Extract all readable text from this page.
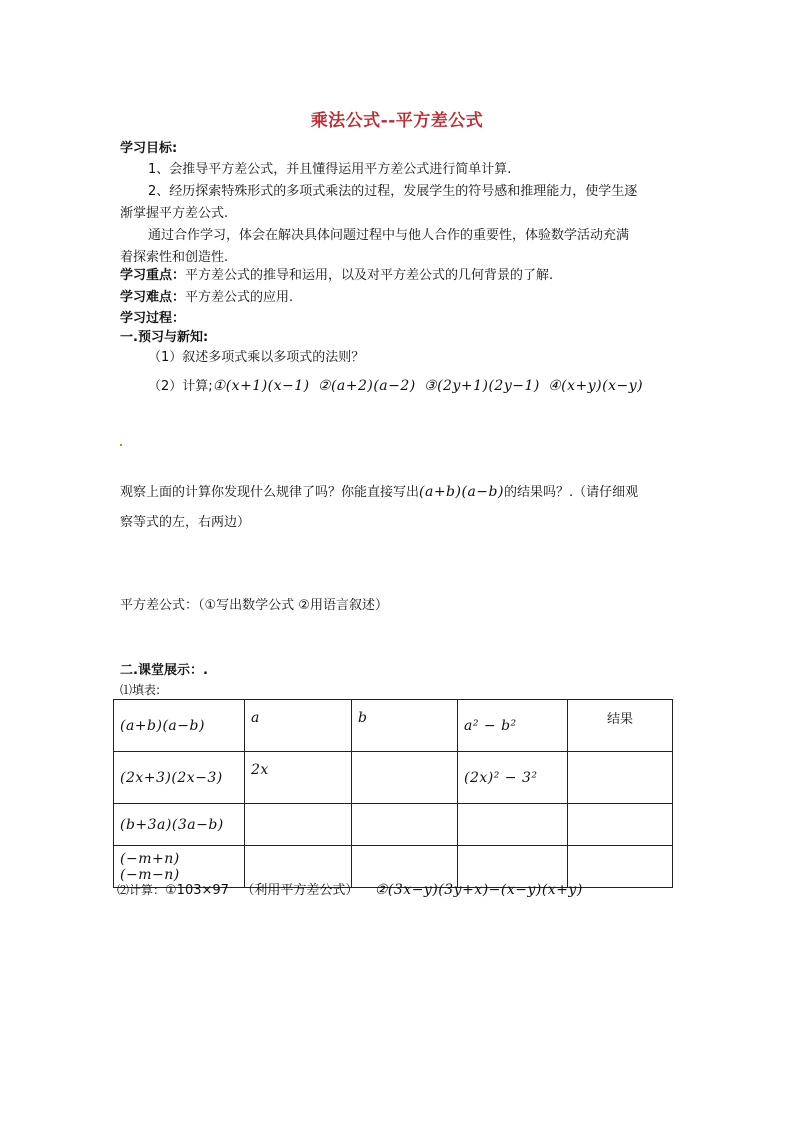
乘法公式--平方差公式
学习目标:
1、会推导平方差公式，并且懂得运用平方差公式进行简单计算.
2、经历探索特殊形式的多项式乘法的过程，发展学生的符号感和推理能力，使学生逐
渐掌握平方差公式.
通过合作学习，体会在解决具体问题过程中与他人合作的重要性，体验数学活动充满
着探索性和创造性.
学习重点：平方差公式的推导和运用，以及对平方差公式的几何背景的了解.
学习难点：平方差公式的应用.
学习过程：
一.预习与新知:
（1）叙述多项式乘以多项式的法则？
（2）计算;①(x+1)(x−1) ②(a+2)(a−2) ③(2y+1)(2y−1) ④(x+y)(x−y)
观察上面的计算你发现什么规律了吗？你能直接写出(a+b)(a−b)的结果吗？.（请仔细观
察等式的左，右两边）
平方差公式：（①写出数学公式 ②用语言叙述）
二.课堂展示：.
⑴填表:
(a+b)(a−b)	a	b	a² − b²	结果
(2x+3)(2x−3)	2x		(2x)² − 3²	
(b+3a)(3a−b)				
(−m+n)(−m−n)				
⑵计算：①103×97 （利用平方差公式） ②(3x−y)(3y+x)−(x−y)(x+y)
